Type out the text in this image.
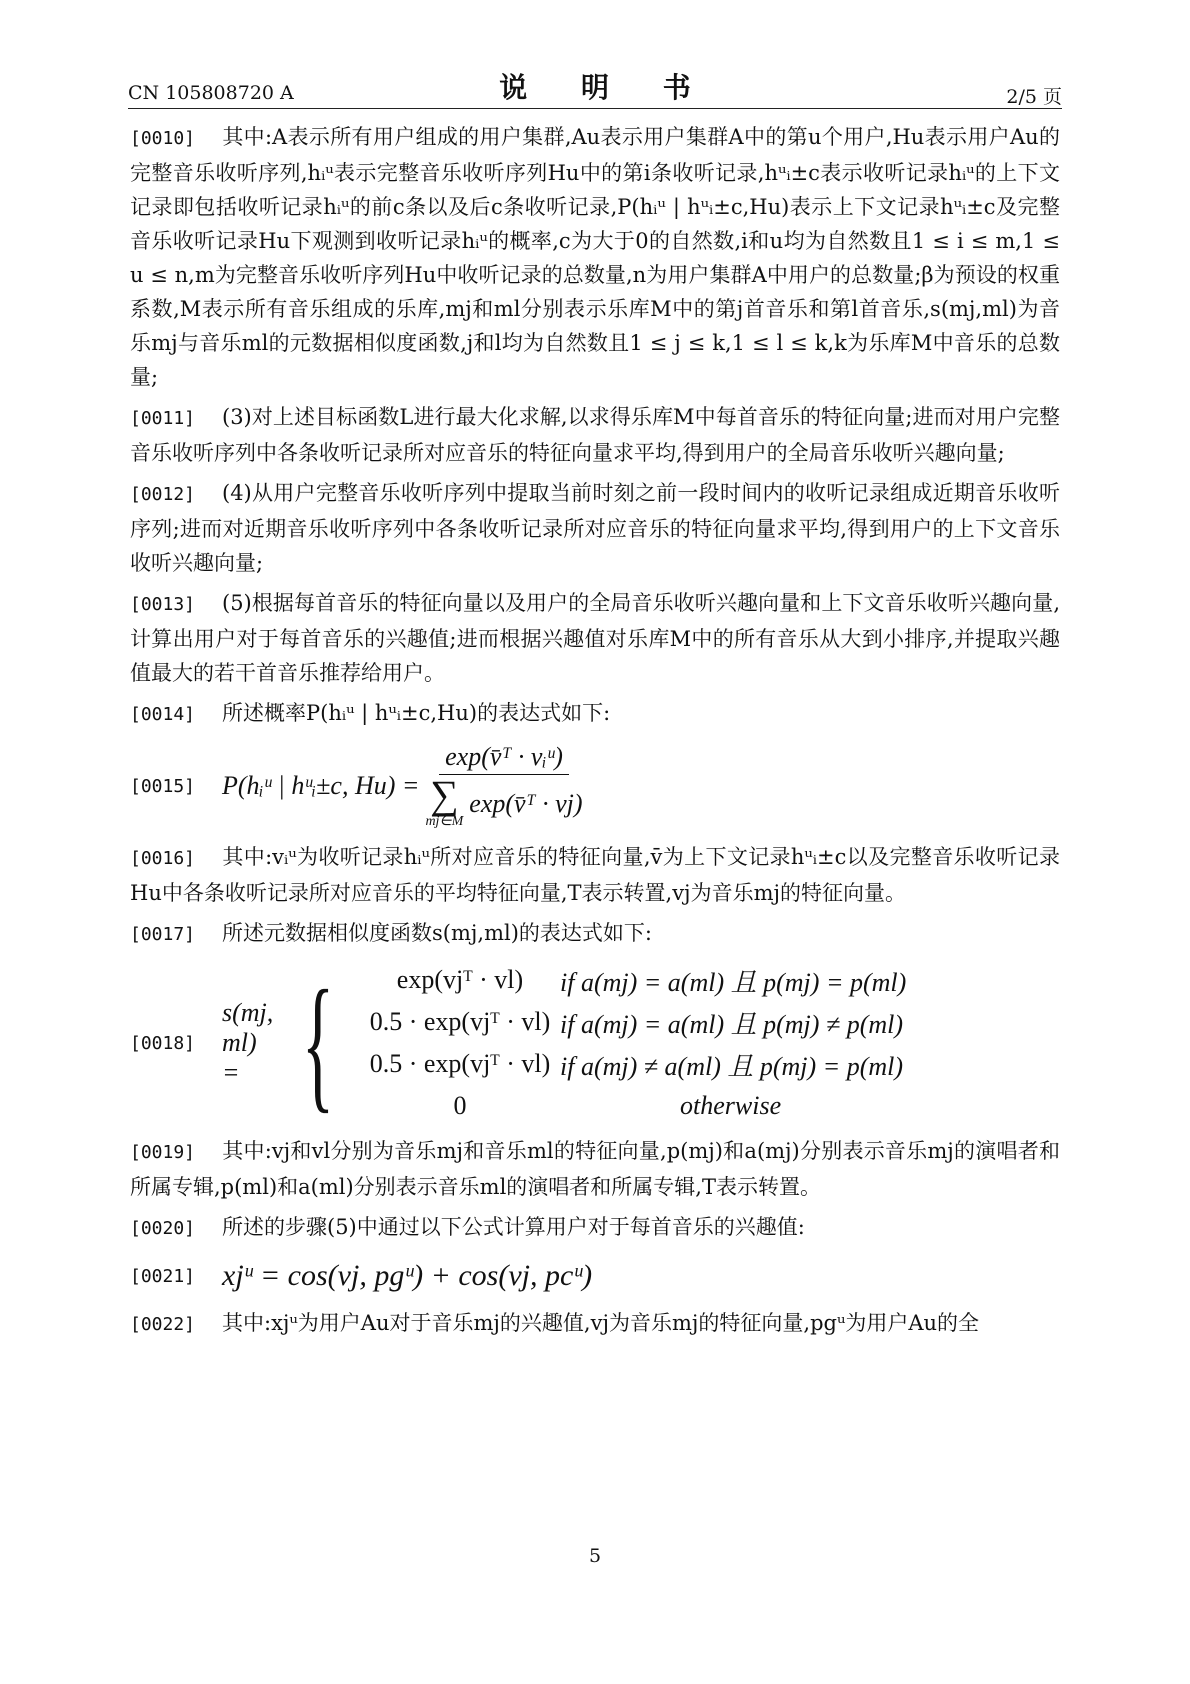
CN 105808720 A	说 明 书	2/5 页

[0010] 其中:A表示所有用户组成的用户集群,Au表示用户集群A中的第u个用户,Hu表示用户Au的完整音乐收听序列,hᵢᵘ表示完整音乐收听序列Hu中的第i条收听记录,hᵘᵢ±c表示收听记录hᵢᵘ的上下文记录即包括收听记录hᵢᵘ的前c条以及后c条收听记录,P(hᵢᵘ | hᵘᵢ±c,Hu)表示上下文记录hᵘᵢ±c及完整音乐收听记录Hu下观测到收听记录hᵢᵘ的概率,c为大于0的自然数,i和u均为自然数且1 ≤ i ≤ m,1 ≤ u ≤ n,m为完整音乐收听序列Hu中收听记录的总数量,n为用户集群A中用户的总数量;β为预设的权重系数,M表示所有音乐组成的乐库,mj和ml分别表示乐库M中的第j首音乐和第l首音乐,s(mj,ml)为音乐mj与音乐ml的元数据相似度函数,j和l均为自然数且1 ≤ j ≤ k,1 ≤ l ≤ k,k为乐库M中音乐的总数量;

[0011] (3)对上述目标函数L进行最大化求解,以求得乐库M中每首音乐的特征向量;进而对用户完整音乐收听序列中各条收听记录所对应音乐的特征向量求平均,得到用户的全局音乐收听兴趣向量;

[0012] (4)从用户完整音乐收听序列中提取当前时刻之前一段时间内的收听记录组成近期音乐收听序列;进而对近期音乐收听序列中各条收听记录所对应音乐的特征向量求平均,得到用户的上下文音乐收听兴趣向量;

[0013] (5)根据每首音乐的特征向量以及用户的全局音乐收听兴趣向量和上下文音乐收听兴趣向量,计算出用户对于每首音乐的兴趣值;进而根据兴趣值对乐库M中的所有音乐从大到小排序,并提取兴趣值最大的若干首音乐推荐给用户。

[0014] 所述概率P(hᵢᵘ | hᵘᵢ±c,Hu)的表达式如下:

[0015]	P(hᵢᵘ | hᵘᵢ±c, Hu) = exp(v̄ᵀ · vᵢᵘ)
∑
mj∈M
exp(v̄ᵀ · vj)

[0016] 其中:vᵢᵘ为收听记录hᵢᵘ所对应音乐的特征向量,v̄为上下文记录hᵘᵢ±c以及完整音乐收听记录Hu中各条收听记录所对应音乐的平均特征向量,T表示转置,vj为音乐mj的特征向量。

[0017] 所述元数据相似度函数s(mj,ml)的表达式如下:

[0018]
s(mj, ml) = {	exp(vjᵀ · vl)	if a(mj) = a(ml) 且 p(mj) = p(ml)
0.5 · exp(vjᵀ · vl) if a(mj) = a(ml) 且 p(mj) ≠ p(ml)
0.5 · exp(vjᵀ · vl) if a(mj) ≠ a(ml) 且 p(mj) = p(ml)
0	otherwise

[0019] 其中:vj和vl分别为音乐mj和音乐ml的特征向量,p(mj)和a(mj)分别表示音乐mj的演唱者和所属专辑,p(ml)和a(ml)分别表示音乐ml的演唱者和所属专辑,T表示转置。

[0020] 所述的步骤(5)中通过以下公式计算用户对于每首音乐的兴趣值:

[0021] xjᵘ = cos(vj, pgᵘ) + cos(vj, pcᵘ)

[0022] 其中:xjᵘ为用户Au对于音乐mj的兴趣值,vj为音乐mj的特征向量,pgᵘ为用户Au的全

5
